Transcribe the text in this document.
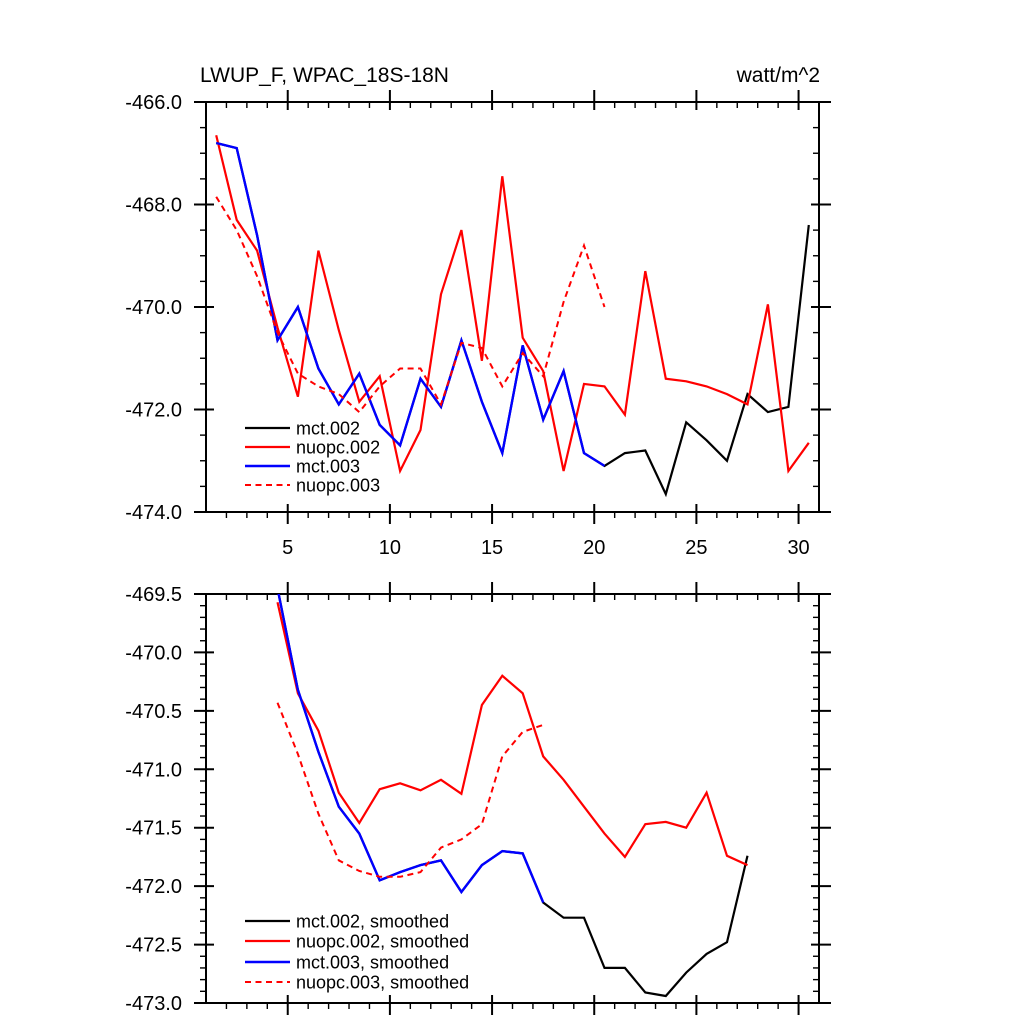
5	10	15	20	25	30
-466.0
-468.0
-470.0
-472.0
-474.0
-469.5
-470.0
-470.5
-471.0
-471.5
-472.0
-472.5
-473.0
LWUP_F, WPAC_18S-18N	watt/m^2
mct.002
nuopc.002
mct.003
nuopc.003
mct.002, smoothed
nuopc.002, smoothed
mct.003, smoothed
nuopc.003, smoothed
